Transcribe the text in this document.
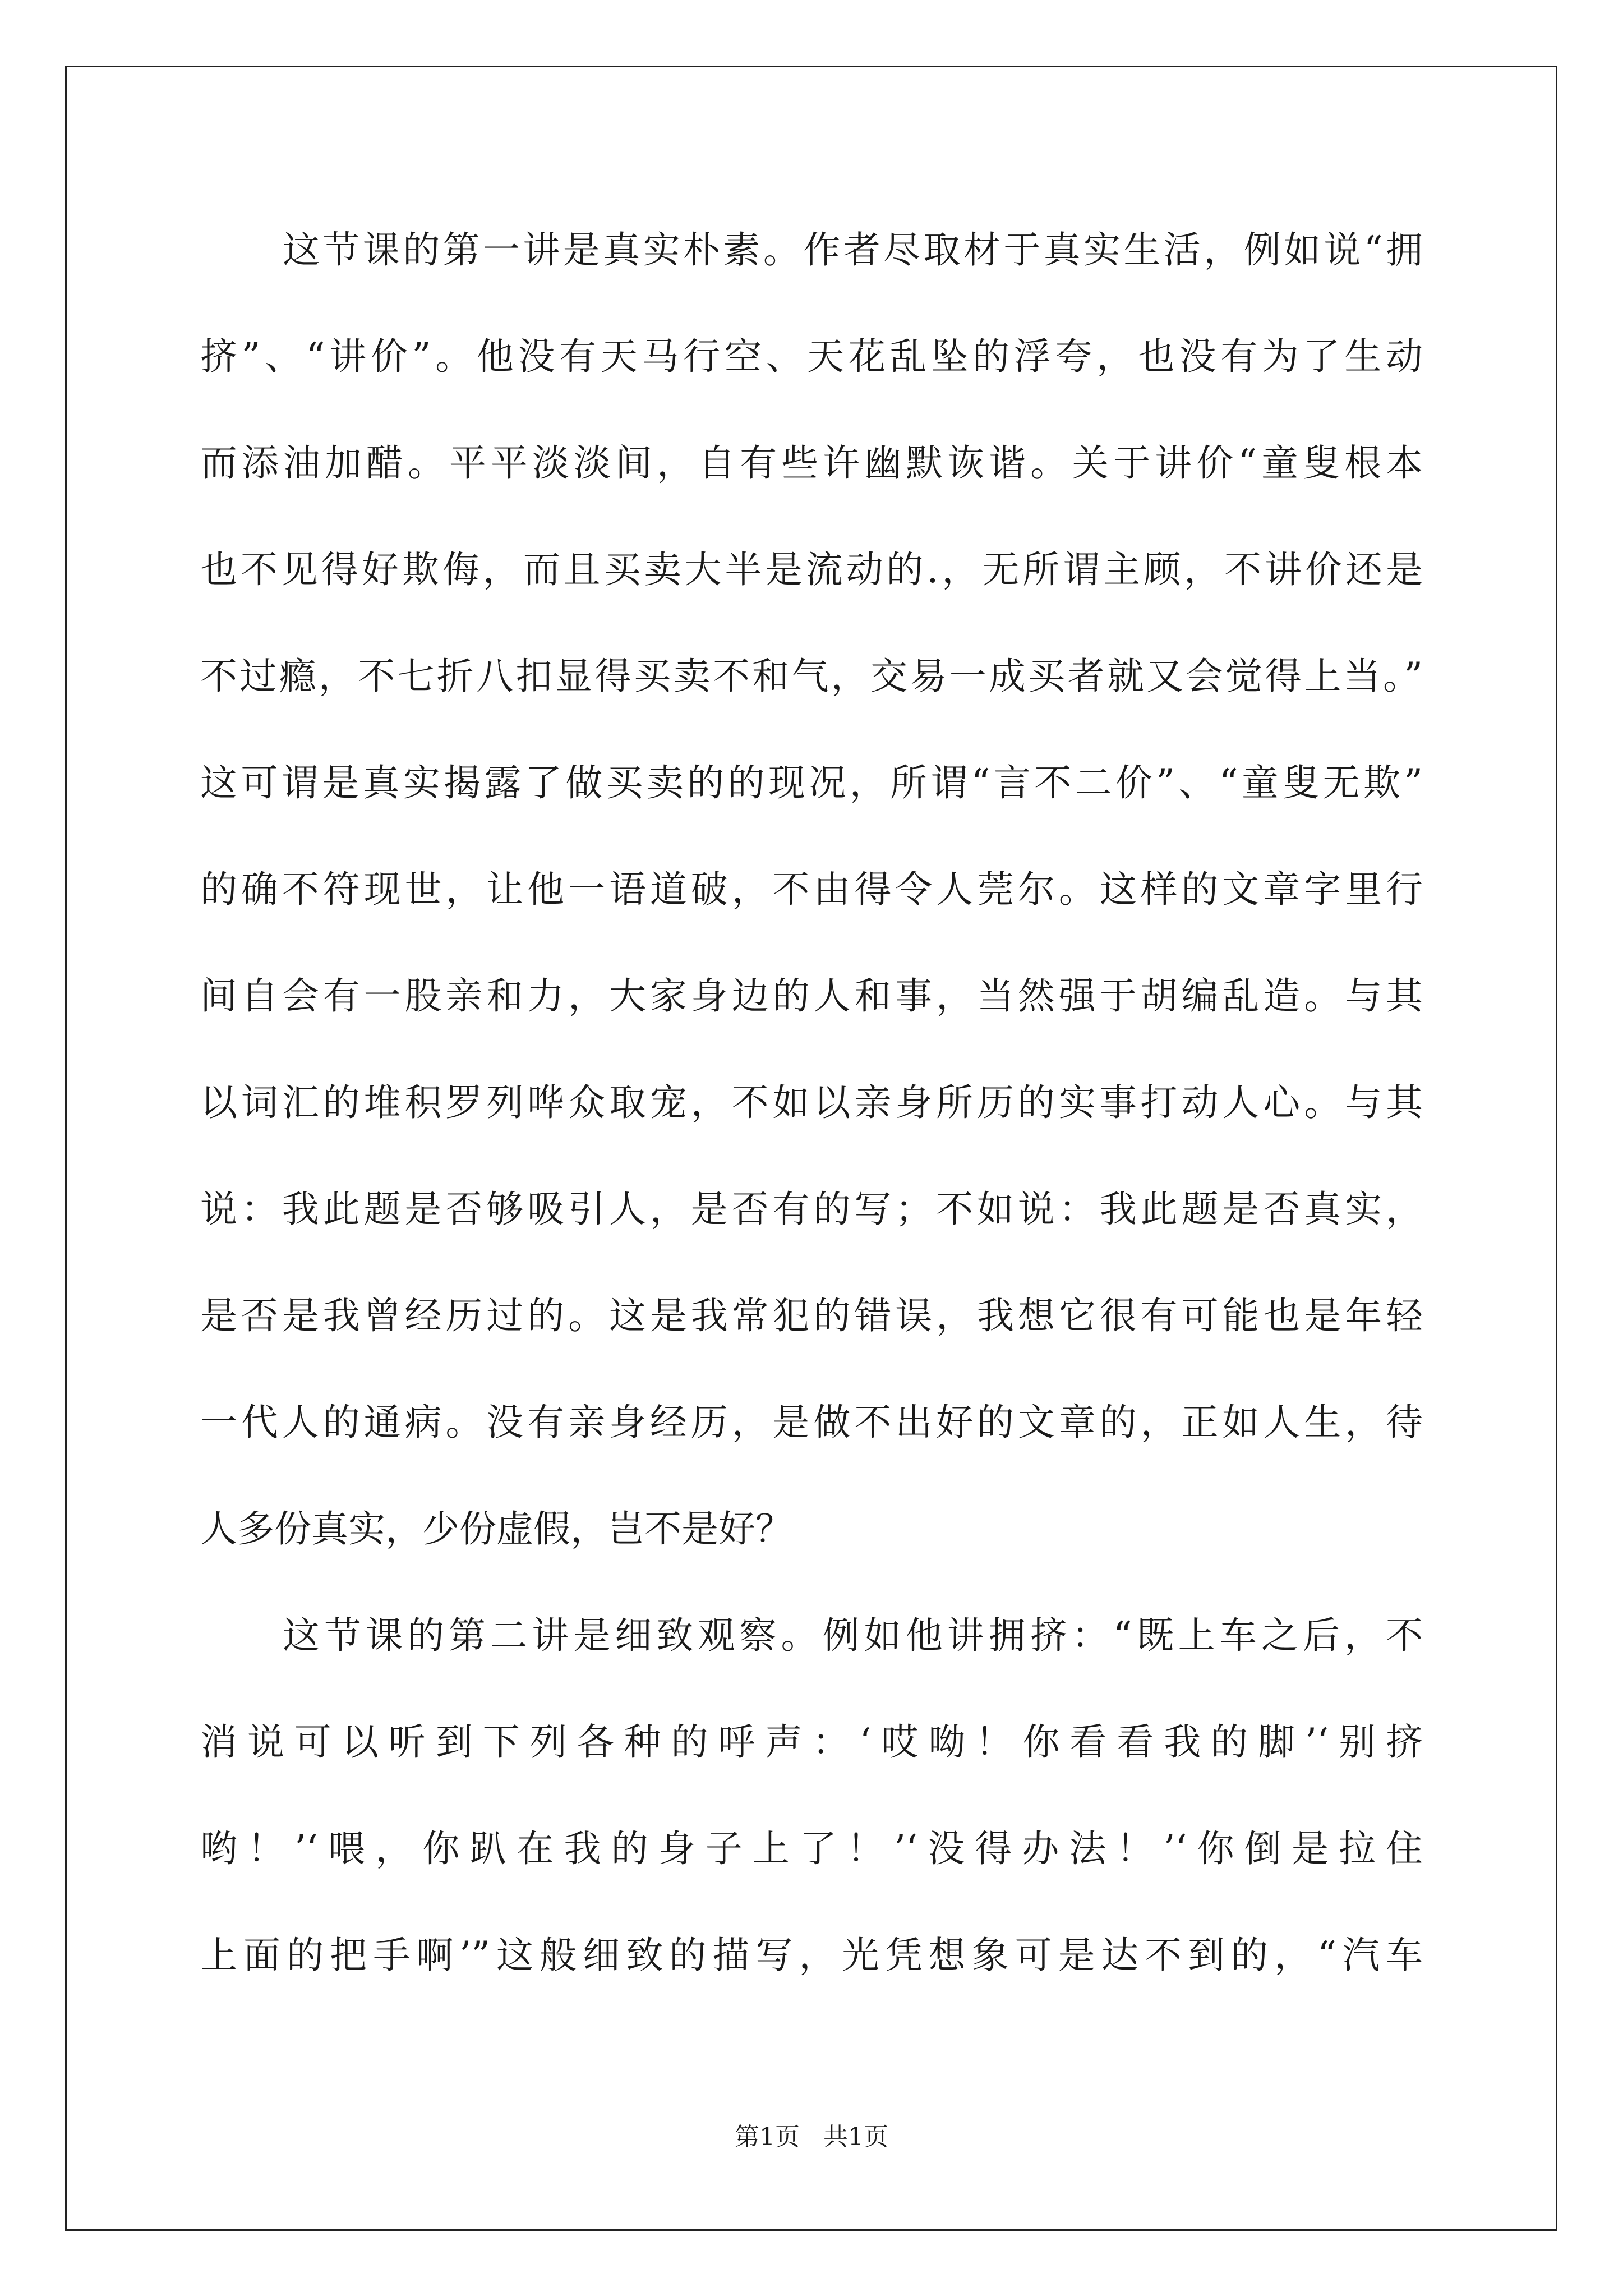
这节课的第一讲是真实朴素。作者尽取材于真实生活，例如说“拥
挤”、“讲价”。他没有天马行空、天花乱坠的浮夸，也没有为了生动
而添油加醋。平平淡淡间，自有些许幽默诙谐。关于讲价“童叟根本
也不见得好欺侮，而且买卖大半是流动的.，无所谓主顾，不讲价还是
不过瘾，不七折八扣显得买卖不和气，交易一成买者就又会觉得上当。”
这可谓是真实揭露了做买卖的的现况，所谓“言不二价”、“童叟无欺”
的确不符现世，让他一语道破，不由得令人莞尔。这样的文章字里行
间自会有一股亲和力，大家身边的人和事，当然强于胡编乱造。与其
以词汇的堆积罗列哗众取宠，不如以亲身所历的实事打动人心。与其
说：我此题是否够吸引人，是否有的写；不如说：我此题是否真实，
是否是我曾经历过的。这是我常犯的错误，我想它很有可能也是年轻
一代人的通病。没有亲身经历，是做不出好的文章的，正如人生，待
人多份真实，少份虚假，岂不是好？
这节课的第二讲是细致观察。例如他讲拥挤：“既上车之后，不
消说可以听到下列各种的呼声：‘哎呦！你看看我的脚’‘别挤
哟！’‘喂，你趴在我的身子上了！’‘没得办法！’‘你倒是拉住
上面的把手啊’”这般细致的描写，光凭想象可是达不到的，“汽车
第1页   共1页
